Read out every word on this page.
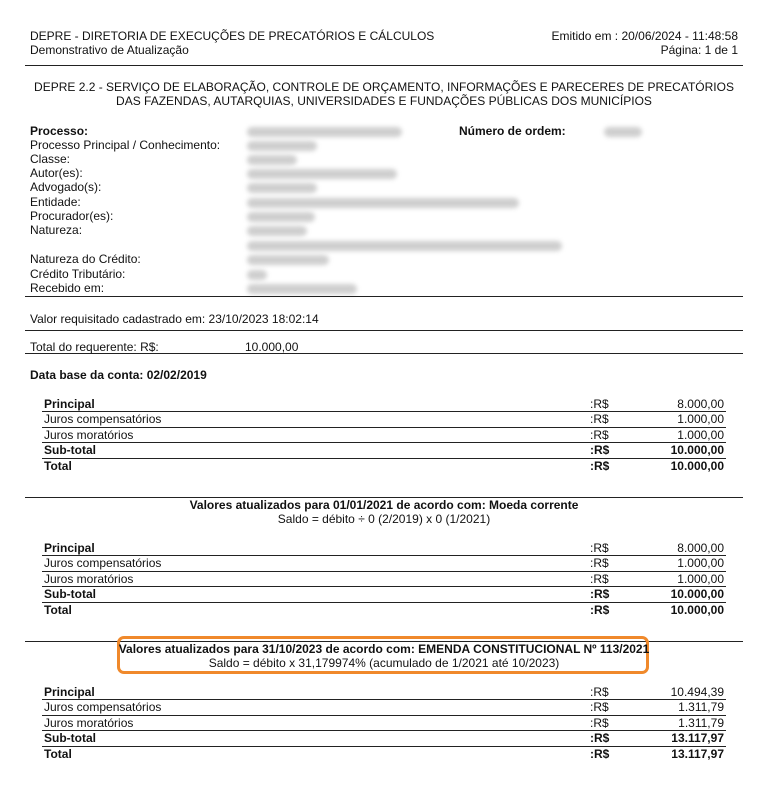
DEPRE - DIRETORIA DE EXECUÇÕES DE PRECATÓRIOS E CÁLCULOS
Demonstrativo de Atualização
Emitido em : 20/06/2024 - 11:48:58
Página: 1 de 1
DEPRE 2.2 - SERVIÇO DE ELABORAÇÃO, CONTROLE DE ORÇAMENTO, INFORMAÇÕES E PARECERES DE PRECATÓRIOS
DAS FAZENDAS, AUTARQUIAS, UNIVERSIDADES E FUNDAÇÕES PÚBLICAS DOS MUNICÍPIOS
Processo:	Número de ordem:
Processo Principal / Conhecimento:
Classe:
Autor(es):
Advogado(s):
Entidade:
Procurador(es):
Natureza:
Natureza do Crédito:
Crédito Tributário:
Recebido em:
Valor requisitado cadastrado em: 23/10/2023 18:02:14
Total do requerente: R$:	10.000,00
Data base da conta: 02/02/2019
Principal	:R$	8.000,00
Juros compensatórios	:R$	1.000,00
Juros moratórios	:R$	1.000,00
Sub-total	:R$	10.000,00
Total	:R$	10.000,00
Valores atualizados para 01/01/2021 de acordo com: Moeda corrente
Saldo = débito ÷ 0 (2/2019) x 0 (1/2021)
Principal	:R$	8.000,00
Juros compensatórios	:R$	1.000,00
Juros moratórios	:R$	1.000,00
Sub-total	:R$	10.000,00
Total	:R$	10.000,00
Valores atualizados para 31/10/2023 de acordo com: EMENDA CONSTITUCIONAL Nº 113/2021
Saldo = débito x 31,179974% (acumulado de 1/2021 até 10/2023)
Principal	:R$	10.494,39
Juros compensatórios	:R$	1.311,79
Juros moratórios	:R$	1.311,79
Sub-total	:R$	13.117,97
Total	:R$	13.117,97
